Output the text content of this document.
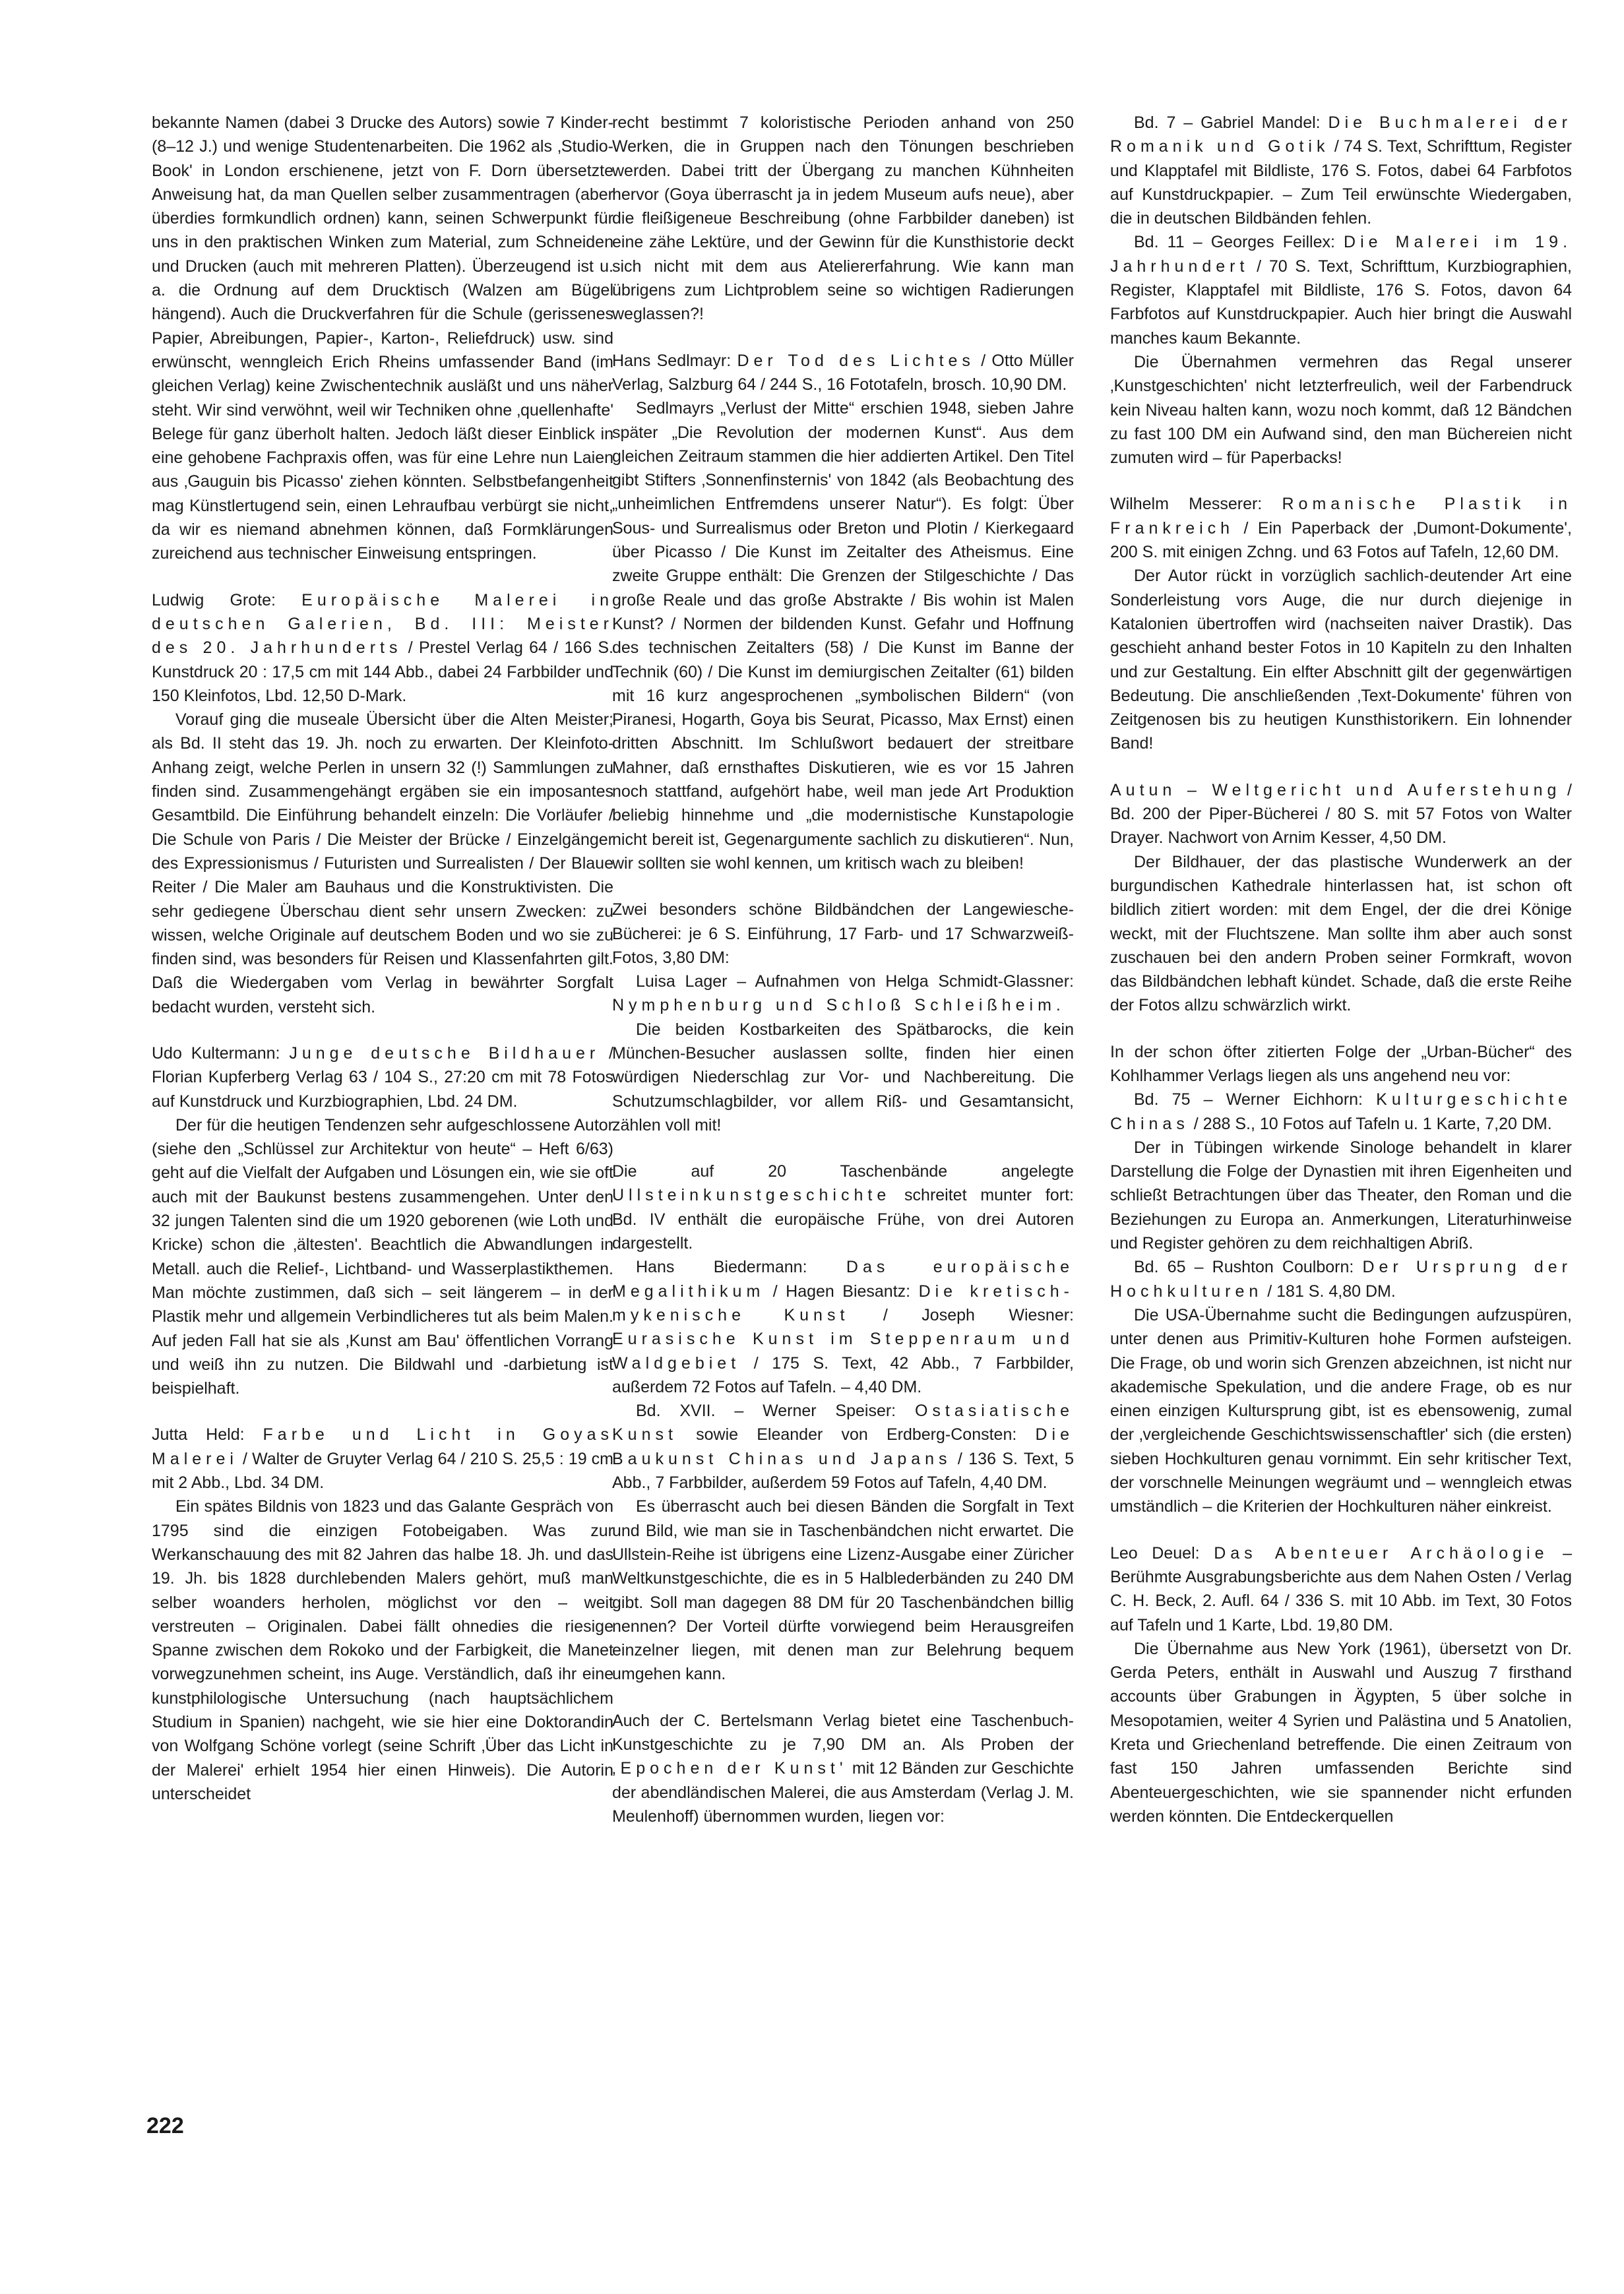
bekannte Namen (dabei 3 Drucke des Autors) sowie 7 Kinder- (8–12 J.) und wenige Studentenarbeiten. Die 1962 als ‚Studio-Book' in London erschienene, jetzt von F. Dorn übersetzte Anweisung hat, da man Quellen selber zusammentragen (aber überdies formkundlich ordnen) kann, seinen Schwerpunkt für uns in den praktischen Winken zum Material, zum Schneiden und Drucken (auch mit mehreren Platten). Überzeugend ist u. a. die Ordnung auf dem Drucktisch (Walzen am Bügel hängend). Auch die Druckverfahren für die Schule (gerissenes Papier, Abreibungen, Papier-, Karton-, Reliefdruck) usw. sind erwünscht, wenngleich Erich Rheins umfassender Band (im gleichen Verlag) keine Zwischentechnik ausläßt und uns näher steht. Wir sind verwöhnt, weil wir Techniken ohne ‚quellenhafte' Belege für ganz überholt halten. Jedoch läßt dieser Einblick in eine gehobene Fachpraxis offen, was für eine Lehre nun Laien aus ‚Gauguin bis Picasso' ziehen könnten. Selbstbefangenheit mag Künstlertugend sein, einen Lehraufbau verbürgt sie nicht, da wir es niemand abnehmen können, daß Formklärungen zureichend aus technischer Einweisung entspringen.

Ludwig Grote: Europäische Malerei in deutschen Galerien, Bd. III: Meister des 20. Jahrhunderts / Prestel Verlag 64 / 166 S. Kunstdruck 20 : 17,5 cm mit 144 Abb., dabei 24 Farbbilder und 150 Kleinfotos, Lbd. 12,50 D-Mark.

Vorauf ging die museale Übersicht über die Alten Meister; als Bd. II steht das 19. Jh. noch zu erwarten. Der Kleinfoto-Anhang zeigt, welche Perlen in unsern 32 (!) Sammlungen zu finden sind. Zusammengehängt ergäben sie ein imposantes Gesamtbild. Die Einführung behandelt einzeln: Die Vorläufer / Die Schule von Paris / Die Meister der Brücke / Einzelgänger des Expressionismus / Futuristen und Surrealisten / Der Blaue Reiter / Die Maler am Bauhaus und die Konstruktivisten. Die sehr gediegene Überschau dient sehr unsern Zwecken: zu wissen, welche Originale auf deutschem Boden und wo sie zu finden sind, was besonders für Reisen und Klassenfahrten gilt. Daß die Wiedergaben vom Verlag in bewährter Sorgfalt bedacht wurden, versteht sich.

Udo Kultermann: Junge deutsche Bildhauer / Florian Kupferberg Verlag 63 / 104 S., 27:20 cm mit 78 Fotos auf Kunstdruck und Kurzbiographien, Lbd. 24 DM.

Der für die heutigen Tendenzen sehr aufgeschlossene Autor (siehe den „Schlüssel zur Architektur von heute“ – Heft 6/63) geht auf die Vielfalt der Aufgaben und Lösungen ein, wie sie oft auch mit der Baukunst bestens zusammengehen. Unter den 32 jungen Talenten sind die um 1920 geborenen (wie Loth und Kricke) schon die ‚ältesten'. Beachtlich die Abwandlungen in Metall. auch die Relief-, Lichtband- und Wasserplastikthemen. Man möchte zustimmen, daß sich – seit längerem – in der Plastik mehr und allgemein Verbindlicheres tut als beim Malen. Auf jeden Fall hat sie als ‚Kunst am Bau' öffentlichen Vorrang und weiß ihn zu nutzen. Die Bildwahl und -darbietung ist beispielhaft.

Jutta Held: Farbe und Licht in Goyas Malerei / Walter de Gruyter Verlag 64 / 210 S. 25,5 : 19 cm mit 2 Abb., Lbd. 34 DM.

Ein spätes Bildnis von 1823 und das Galante Gespräch von 1795 sind die einzigen Fotobeigaben. Was zur Werkanschauung des mit 82 Jahren das halbe 18. Jh. und das 19. Jh. bis 1828 durchlebenden Malers gehört, muß man selber woanders herholen, möglichst vor den – weit verstreuten – Originalen. Dabei fällt ohnedies die riesige Spanne zwischen dem Rokoko und der Farbigkeit, die Manet vorwegzunehmen scheint, ins Auge. Verständlich, daß ihr eine kunstphilologische Untersuchung (nach hauptsächlichem Studium in Spanien) nachgeht, wie sie hier eine Doktorandin von Wolfgang Schöne vorlegt (seine Schrift ‚Über das Licht in der Malerei' erhielt 1954 hier einen Hinweis). Die Autorin unterscheidet

recht bestimmt 7 koloristische Perioden anhand von 250 Werken, die in Gruppen nach den Tönungen beschrieben werden. Dabei tritt der Übergang zu manchen Kühnheiten hervor (Goya überrascht ja in jedem Museum aufs neue), aber die fleißigeneue Beschreibung (ohne Farbbilder daneben) ist eine zähe Lektüre, und der Gewinn für die Kunsthistorie deckt sich nicht mit dem aus Ateliererfahrung. Wie kann man übrigens zum Lichtproblem seine so wichtigen Radierungen weglassen?!

Hans Sedlmayr: Der Tod des Lichtes / Otto Müller Verlag, Salzburg 64 / 244 S., 16 Fototafeln, brosch. 10,90 DM.

Sedlmayrs „Verlust der Mitte“ erschien 1948, sieben Jahre später „Die Revolution der modernen Kunst“. Aus dem gleichen Zeitraum stammen die hier addierten Artikel. Den Titel gibt Stifters ‚Sonnenfinsternis' von 1842 (als Beobachtung des „unheimlichen Entfremdens unserer Natur“). Es folgt: Über Sous- und Surrealismus oder Breton und Plotin / Kierkegaard über Picasso / Die Kunst im Zeitalter des Atheismus. Eine zweite Gruppe enthält: Die Grenzen der Stilgeschichte / Das große Reale und das große Abstrakte / Bis wohin ist Malen Kunst? / Normen der bildenden Kunst. Gefahr und Hoffnung des technischen Zeitalters (58) / Die Kunst im Banne der Technik (60) / Die Kunst im demiurgischen Zeitalter (61) bilden mit 16 kurz angesprochenen „symbolischen Bildern“ (von Piranesi, Hogarth, Goya bis Seurat, Picasso, Max Ernst) einen dritten Abschnitt. Im Schlußwort bedauert der streitbare Mahner, daß ernsthaftes Diskutieren, wie es vor 15 Jahren noch stattfand, aufgehört habe, weil man jede Art Produktion beliebig hinnehme und „die modernistische Kunstapologie nicht bereit ist, Gegenargumente sachlich zu diskutieren“. Nun, wir sollten sie wohl kennen, um kritisch wach zu bleiben!

Zwei besonders schöne Bildbändchen der Langewiesche-Bücherei: je 6 S. Einführung, 17 Farb- und 17 Schwarzweiß-Fotos, 3,80 DM:

Luisa Lager – Aufnahmen von Helga Schmidt-Glassner: Nymphenburg und Schloß Schleißheim.

Die beiden Kostbarkeiten des Spätbarocks, die kein München-Besucher auslassen sollte, finden hier einen würdigen Niederschlag zur Vor- und Nachbereitung. Die Schutzumschlagbilder, vor allem Riß- und Gesamtansicht, zählen voll mit!

Die auf 20 Taschenbände angelegte Ullsteinkunstgeschichte schreitet munter fort: Bd. IV enthält die europäische Frühe, von drei Autoren dargestellt.

Hans Biedermann: Das europäische Megalithikum / Hagen Biesantz: Die kretisch-mykenische Kunst / Joseph Wiesner: Eurasische Kunst im Steppenraum und Waldgebiet / 175 S. Text, 42 Abb., 7 Farbbilder, außerdem 72 Fotos auf Tafeln. – 4,40 DM.

Bd. XVII. – Werner Speiser: Ostasiatische Kunst sowie Eleander von Erdberg-Consten: Die Baukunst Chinas und Japans / 136 S. Text, 5 Abb., 7 Farbbilder, außerdem 59 Fotos auf Tafeln, 4,40 DM.

Es überrascht auch bei diesen Bänden die Sorgfalt in Text und Bild, wie man sie in Taschenbändchen nicht erwartet. Die Ullstein-Reihe ist übrigens eine Lizenz-Ausgabe einer Züricher Weltkunstgeschichte, die es in 5 Halblederbänden zu 240 DM gibt. Soll man dagegen 88 DM für 20 Taschenbändchen billig nennen? Der Vorteil dürfte vorwiegend beim Herausgreifen einzelner liegen, mit denen man zur Belehrung bequem umgehen kann.

Auch der C. Bertelsmann Verlag bietet eine Taschenbuch-Kunstgeschichte zu je 7,90 DM an. Als Proben der ‚Epochen der Kunst' mit 12 Bänden zur Geschichte der abendländischen Malerei, die aus Amsterdam (Verlag J. M. Meulenhoff) übernommen wurden, liegen vor:

Bd. 7 – Gabriel Mandel: Die Buchmalerei der Romanik und Gotik / 74 S. Text, Schrifttum, Register und Klapptafel mit Bildliste, 176 S. Fotos, dabei 64 Farbfotos auf Kunstdruckpapier. – Zum Teil erwünschte Wiedergaben, die in deutschen Bildbänden fehlen.

Bd. 11 – Georges Feillex: Die Malerei im 19. Jahrhundert / 70 S. Text, Schrifttum, Kurzbiographien, Register, Klapptafel mit Bildliste, 176 S. Fotos, davon 64 Farbfotos auf Kunstdruckpapier. Auch hier bringt die Auswahl manches kaum Bekannte.

Die Übernahmen vermehren das Regal unserer ‚Kunstgeschichten' nicht letzterfreulich, weil der Farbendruck kein Niveau halten kann, wozu noch kommt, daß 12 Bändchen zu fast 100 DM ein Aufwand sind, den man Büchereien nicht zumuten wird – für Paperbacks!

Wilhelm Messerer: Romanische Plastik in Frankreich / Ein Paperback der ‚Dumont-Dokumente', 200 S. mit einigen Zchng. und 63 Fotos auf Tafeln, 12,60 DM.

Der Autor rückt in vorzüglich sachlich-deutender Art eine Sonderleistung vors Auge, die nur durch diejenige in Katalonien übertroffen wird (nachseiten naiver Drastik). Das geschieht anhand bester Fotos in 10 Kapiteln zu den Inhalten und zur Gestaltung. Ein elfter Abschnitt gilt der gegenwärtigen Bedeutung. Die anschließenden ‚Text-Dokumente' führen von Zeitgenosen bis zu heutigen Kunsthistorikern. Ein lohnender Band!

Autun – Weltgericht und Auferstehung / Bd. 200 der Piper-Bücherei / 80 S. mit 57 Fotos von Walter Drayer. Nachwort von Arnim Kesser, 4,50 DM.

Der Bildhauer, der das plastische Wunderwerk an der burgundischen Kathedrale hinterlassen hat, ist schon oft bildlich zitiert worden: mit dem Engel, der die drei Könige weckt, mit der Fluchtszene. Man sollte ihm aber auch sonst zuschauen bei den andern Proben seiner Formkraft, wovon das Bildbändchen lebhaft kündet. Schade, daß die erste Reihe der Fotos allzu schwärzlich wirkt.

In der schon öfter zitierten Folge der „Urban-Bücher“ des Kohlhammer Verlags liegen als uns angehend neu vor:

Bd. 75 – Werner Eichhorn: Kulturgeschichte Chinas / 288 S., 10 Fotos auf Tafeln u. 1 Karte, 7,20 DM.

Der in Tübingen wirkende Sinologe behandelt in klarer Darstellung die Folge der Dynastien mit ihren Eigenheiten und schließt Betrachtungen über das Theater, den Roman und die Beziehungen zu Europa an. Anmerkungen, Literaturhinweise und Register gehören zu dem reichhaltigen Abriß.

Bd. 65 – Rushton Coulborn: Der Ursprung der Hochkulturen / 181 S. 4,80 DM.

Die USA-Übernahme sucht die Bedingungen aufzuspüren, unter denen aus Primitiv-Kulturen hohe Formen aufsteigen. Die Frage, ob und worin sich Grenzen abzeichnen, ist nicht nur akademische Spekulation, und die andere Frage, ob es nur einen einzigen Kultursprung gibt, ist es ebensowenig, zumal der ‚vergleichende Geschichtswissenschaftler' sich (die ersten) sieben Hochkulturen genau vornimmt. Ein sehr kritischer Text, der vorschnelle Meinungen wegräumt und – wenngleich etwas umständlich – die Kriterien der Hochkulturen näher einkreist.

Leo Deuel: Das Abenteuer Archäologie – Berühmte Ausgrabungsberichte aus dem Nahen Osten / Verlag C. H. Beck, 2. Aufl. 64 / 336 S. mit 10 Abb. im Text, 30 Fotos auf Tafeln und 1 Karte, Lbd. 19,80 DM.

Die Übernahme aus New York (1961), übersetzt von Dr. Gerda Peters, enthält in Auswahl und Auszug 7 firsthand accounts über Grabungen in Ägypten, 5 über solche in Mesopotamien, weiter 4 Syrien und Palästina und 5 Anatolien, Kreta und Griechenland betreffende. Die einen Zeitraum von fast 150 Jahren umfassenden Berichte sind Abenteuergeschichten, wie sie spannender nicht erfunden werden könnten. Die Entdeckerquellen

222
